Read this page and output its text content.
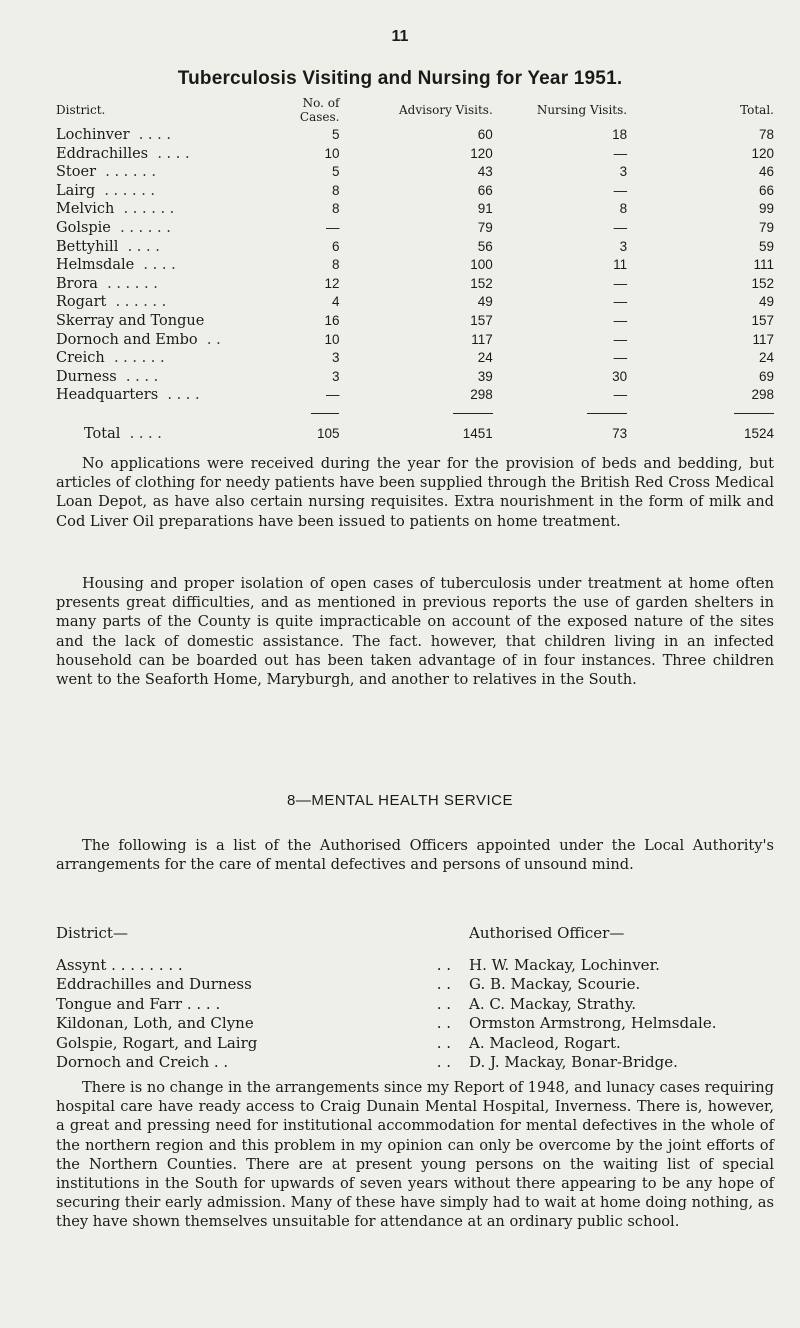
11
Tuberculosis Visiting and Nursing for Year 1951.
District.	No. of Cases.	Advisory Visits.	Nursing Visits.	Total.
Lochinver . . . .	5	60	18	78
Eddrachilles . . . .	10	120	—	120
Stoer . . . . . .	5	43	3	46
Lairg . . . . . .	8	66	—	66
Melvich . . . . . .	8	91	8	99
Golspie . . . . . .	—	79	—	79
Bettyhill . . . .	6	56	3	59
Helmsdale . . . .	8	100	11	111
Brora . . . . . .	12	152	—	152
Rogart . . . . . .	4	49	—	49
Skerray and Tongue	16	157	—	157
Dornoch and Embo . .	10	117	—	117
Creich . . . . . .	3	24	—	24
Durness . . . .	3	39	30	69
Headquarters . . . .	—	298	—	298

Total . . . .	105	1451	73	1524

No applications were received during the year for the provision of beds and bedding, but articles of clothing for needy patients have been supplied through the British Red Cross Medical Loan Depot, as have also certain nursing requisites. Extra nourishment in the form of milk and Cod Liver Oil preparations have been issued to patients on home treatment.

Housing and proper isolation of open cases of tuberculosis under treatment at home often presents great difficulties, and as mentioned in previous reports the use of garden shelters in many parts of the County is quite impracticable on account of the exposed nature of the sites and the lack of domestic assistance. The fact. however, that children living in an infected household can be boarded out has been taken advantage of in four instances. Three children went to the Seaforth Home, Maryburgh, and another to relatives in the South.

8—MENTAL HEALTH SERVICE

The following is a list of the Authorised Officers appointed under the Local Authority's arrangements for the care of mental defectives and persons of unsound mind.

District—	Authorised Officer—
Assynt . . . . . . . .	. . H. W. Mackay, Lochinver.
Eddrachilles and Durness	. . G. B. Mackay, Scourie.
Tongue and Farr . . . .	. . A. C. Mackay, Strathy.
Kildonan, Loth, and Clyne	. . Ormston Armstrong, Helmsdale.
Golspie, Rogart, and Lairg	. . A. Macleod, Rogart.
Dornoch and Creich . .	. . D. J. Mackay, Bonar-Bridge.

There is no change in the arrangements since my Report of 1948, and lunacy cases requiring hospital care have ready access to Craig Dunain Mental Hospital, Inverness. There is, however, a great and pressing need for institutional accommodation for mental defectives in the whole of the northern region and this problem in my opinion can only be overcome by the joint efforts of the Northern Counties. There are at present young persons on the waiting list of special institutions in the South for upwards of seven years without there appearing to be any hope of securing their early admission. Many of these have simply had to wait at home doing nothing, as they have shown themselves unsuitable for attendance at an ordinary public school.
